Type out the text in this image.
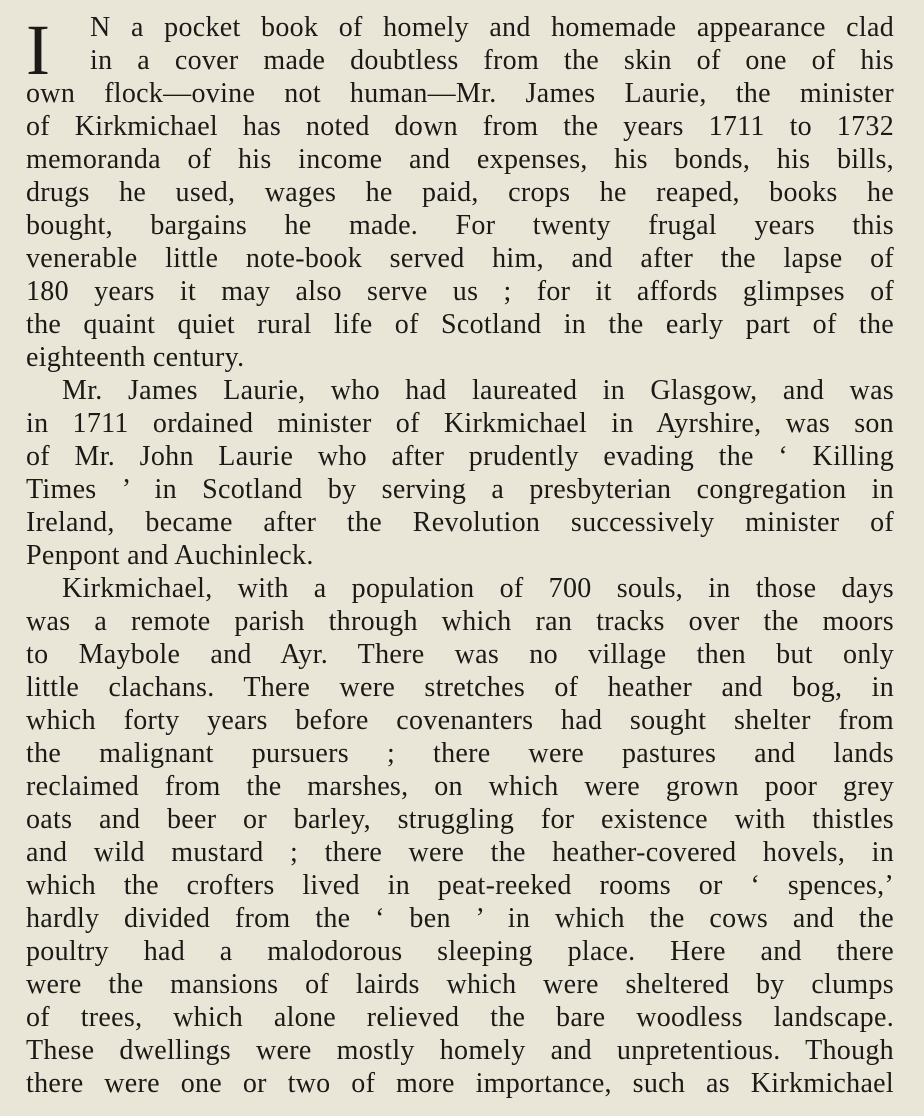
I	N a pocket book of homely and homemade appearance clad
in a cover made doubtless from the skin of one of his
own flock—ovine not human—Mr. James Laurie, the minister
of Kirkmichael has noted down from the years 1711 to 1732
memoranda of his income and expenses, his bonds, his bills,
drugs he used, wages he paid, crops he reaped, books he
bought, bargains he made. For twenty frugal years this
venerable little note-book served him, and after the lapse of
180 years it may also serve us ; for it affords glimpses of
the quaint quiet rural life of Scotland in the early part of the
eighteenth century.
Mr. James Laurie, who had laureated in Glasgow, and was
in 1711 ordained minister of Kirkmichael in Ayrshire, was son
of Mr. John Laurie who after prudently evading the ‘ Killing
Times ’ in Scotland by serving a presbyterian congregation in
Ireland, became after the Revolution successively minister of
Penpont and Auchinleck.
Kirkmichael, with a population of 700 souls, in those days
was a remote parish through which ran tracks over the moors
to Maybole and Ayr. There was no village then but only
little clachans. There were stretches of heather and bog, in
which forty years before covenanters had sought shelter from
the malignant pursuers ; there were pastures and lands
reclaimed from the marshes, on which were grown poor grey
oats and beer or barley, struggling for existence with thistles
and wild mustard ; there were the heather-covered hovels, in
which the crofters lived in peat-reeked rooms or ‘ spences,’
hardly divided from the ‘ ben ’ in which the cows and the
poultry had a malodorous sleeping place. Here and there
were the mansions of lairds which were sheltered by clumps
of trees, which alone relieved the bare woodless landscape.
These dwellings were mostly homely and unpretentious. Though
there were one or two of more importance, such as Kirkmichael
